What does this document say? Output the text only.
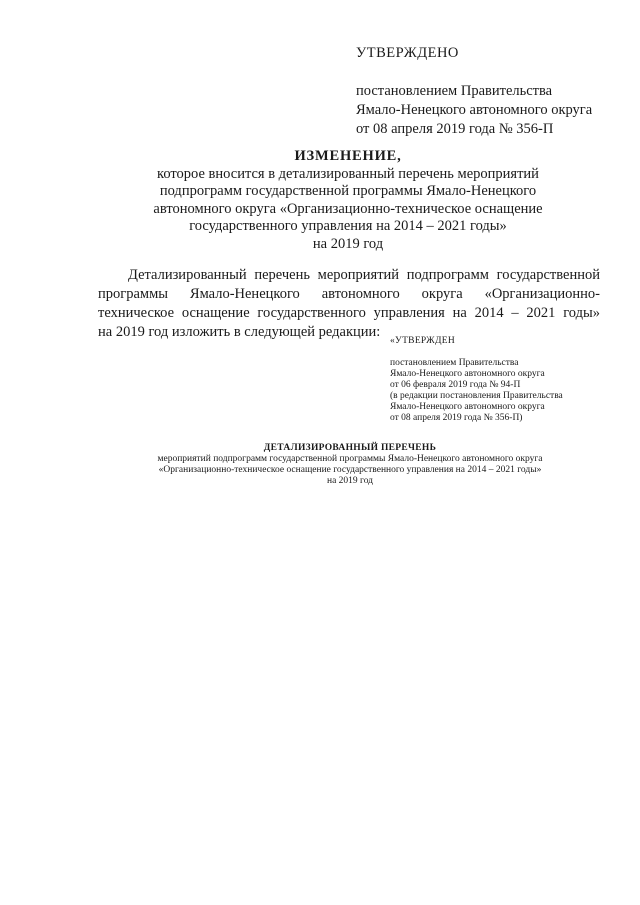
УТВЕРЖДЕНО

постановлением Правительства

Ямало-Ненецкого автономного округа

от 08 апреля 2019 года № 356-П

ИЗМЕНЕНИЕ,

которое вносится в детализированный перечень мероприятий

подпрограмм государственной программы Ямало-Ненецкого

автономного округа «Организационно-техническое оснащение

государственного управления на 2014 – 2021 годы»

на 2019 год

Детализированный перечень мероприятий подпрограмм государственной
программы Ямало-Ненецкого автономного округа «Организационно-
техническое оснащение государственного управления на 2014 – 2021 годы»
на 2019 год изложить в следующей редакции:

«УТВЕРЖДЕН

постановлением Правительства

Ямало-Ненецкого автономного округа

от 06 февраля 2019 года № 94-П

(в редакции постановления Правительства

Ямало-Ненецкого автономного округа

от 08 апреля 2019 года № 356-П)

ДЕТАЛИЗИРОВАННЫЙ ПЕРЕЧЕНЬ

мероприятий подпрограмм государственной программы Ямало-Ненецкого автономного округа

«Организационно-техническое оснащение государственного управления на 2014 – 2021 годы»

на 2019 год
